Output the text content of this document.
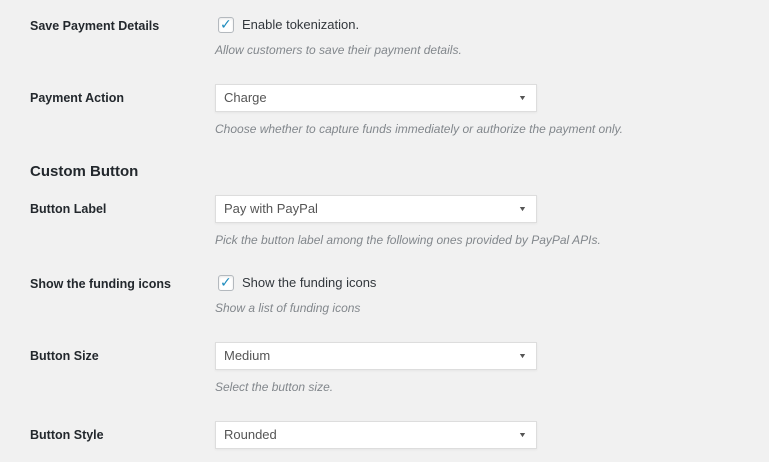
Save Payment Details	✓ Enable tokenization.
Allow customers to save their payment details.
Payment Action	Charge	▼
Choose whether to capture funds immediately or authorize the payment only.
Custom Button
Button Label	Pay with PayPal	▼
Pick the button label among the following ones provided by PayPal APIs.
Show the funding icons	✓ Show the funding icons
Show a list of funding icons
Button Size	Medium	▼
Select the button size.
Button Style	Rounded	▼
